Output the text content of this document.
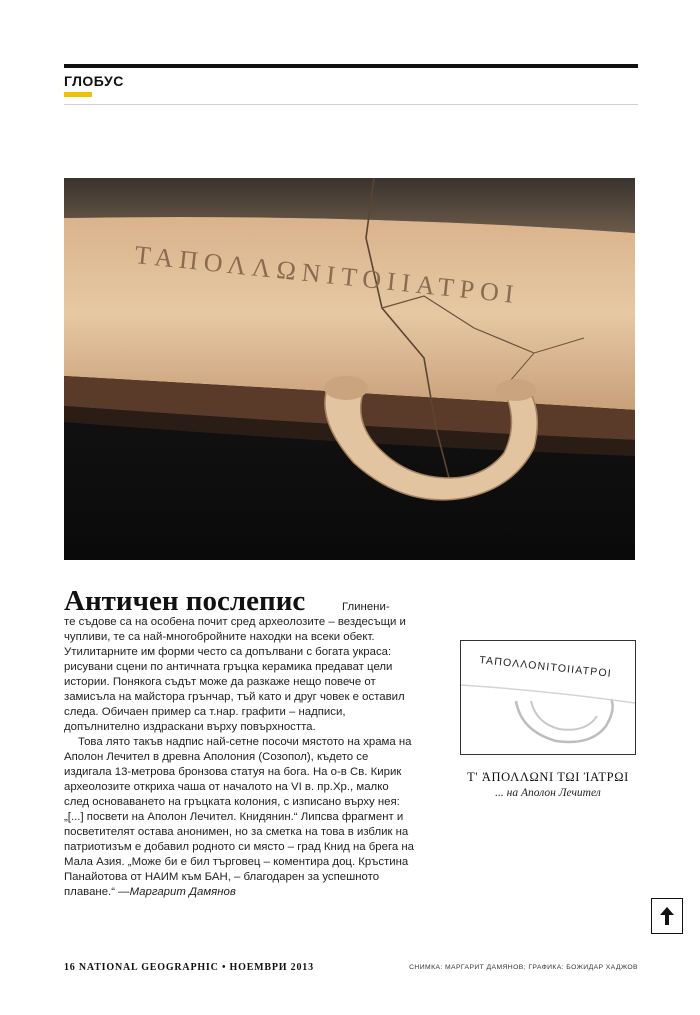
ГЛОБУС
ΤΑΠΟΛΛΩΝΙΤΟΙΙΑΤΡΟΙ
Античен послепис	Глинени-
те съдове са на особена почит сред археолозите – вездесъщи и чупливи, те са най-многобройните находки на всеки обект. Утилитарните им форми често са допълвани с богата украса: рисувани сцени по античната гръцка керамика предават цели истории. Понякога съдът може да разкаже нещо повече от замисъла на майстора грънчар, тъй като и друг човек е оставил следа. Обичаен пример са т.нар. графити – надписи, допълнително издраскани върху повърхността.

Това лято такъв надпис най-сетне посочи мястото на храма на Аполон Лечител в древна Аполония (Созопол), където се издигала 13-метрова бронзова статуя на бога. На о-в Св. Кирик археолозите откриха чаша от началото на VI в. пр.Хр., малко след основаването на гръцката колония, с изписано върху нея: „[...] посвети на Аполон Лечител. Книдянин.“ Липсва фрагмент и посветителят остава анонимен, но за сметка на това в изблик на патриотизъм е добавил родното си място – град Книд на брега на Мала Азия. „Може би е бил търговец – коментира доц. Кръстина Панайотова от НАИМ към БАН, – благодарен за успешното плаване.“ —Маргарит Дамянов

ΤΑΠΟΛΛΟΝΙΤΟΙΙΑΤΡΟΙ
Τ' ἈΠΟΛΛΩΝΙ ΤΩΙ ἸΑΤΡΩΙ
... на Аполон Лечител
16 NATIONAL GEOGRAPHIC • НОЕМВРИ 2013	СНИМКА: МАРГАРИТ ДАМЯНОВ; ГРАФИКА: БОЖИДАР ХАДЖОВ
